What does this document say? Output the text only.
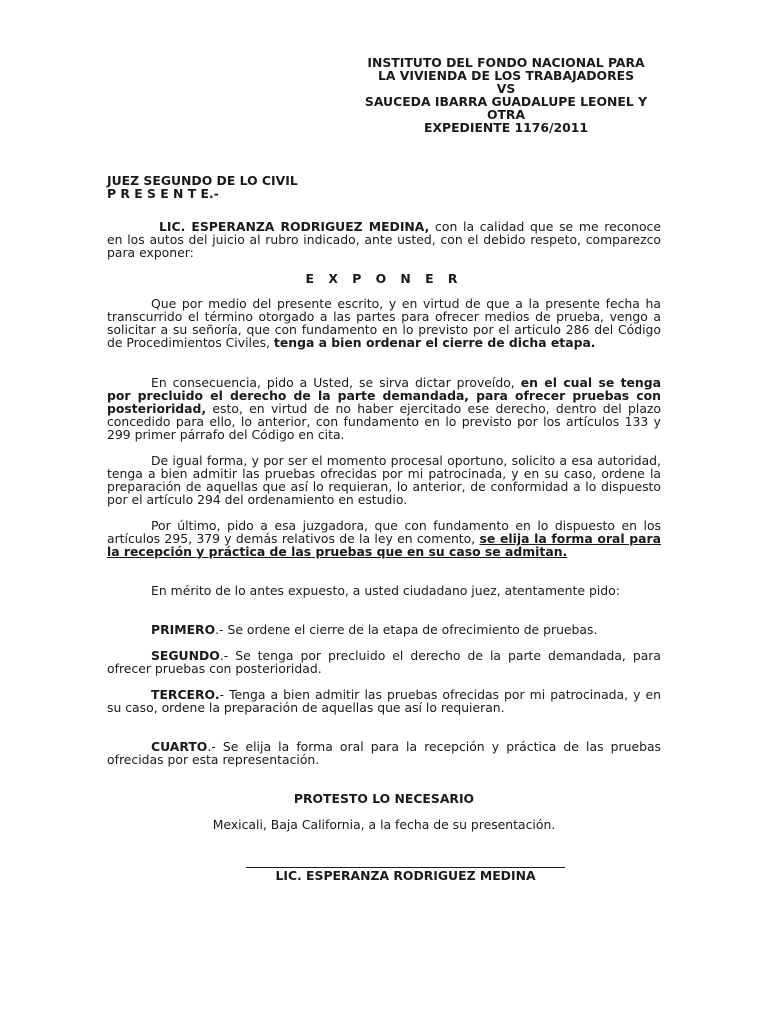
INSTITUTO DEL FONDO NACIONAL PARA
LA VIVIENDA DE LOS TRABAJADORES
VS
SAUCEDA IBARRA GUADALUPE LEONEL Y
OTRA
EXPEDIENTE 1176/2011
JUEZ SEGUNDO DE LO CIVIL
P R E S E N T E.-
LIC. ESPERANZA RODRIGUEZ MEDINA, con la calidad que se me reconoce en los autos del juicio al rubro indicado, ante usted, con el debido respeto, comparezco para exponer:
E X P O N E R
Que por medio del presente escrito, y en virtud de que a la presente fecha ha transcurrido el término otorgado a las partes para ofrecer medios de prueba, vengo a solicitar a su señoría, que con fundamento en lo previsto por el articulo 286 del Código de Procedimientos Civiles, tenga a bien ordenar el cierre de dicha etapa.
En consecuencia, pido a Usted, se sirva dictar proveído, en el cual se tenga por precluido el derecho de la parte demandada, para ofrecer pruebas con posterioridad, esto, en virtud de no haber ejercitado ese derecho, dentro del plazo concedido para ello, lo anterior, con fundamento en lo previsto por los artículos 133 y 299 primer párrafo del Código en cita.
De igual forma, y por ser el momento procesal oportuno, solicito a esa autoridad, tenga a bien admitir las pruebas ofrecidas por mi patrocinada, y en su caso, ordene la preparación de aquellas que así lo requieran, lo anterior, de conformidad a lo dispuesto por el artículo 294 del ordenamiento en estudio.
Por último, pido a esa juzgadora, que con fundamento en lo dispuesto en los artículos 295, 379 y demás relativos de la ley en comento, se elija la forma oral para la recepción y práctica de las pruebas que en su caso se admitan.
En mérito de lo antes expuesto, a usted ciudadano juez, atentamente pido:
PRIMERO.- Se ordene el cierre de la etapa de ofrecimiento de pruebas.
SEGUNDO.- Se tenga por precluido el derecho de la parte demandada, para ofrecer pruebas con posterioridad.
TERCERO.- Tenga a bien admitir las pruebas ofrecidas por mi patrocinada, y en su caso, ordene la preparación de aquellas que así lo requieran.
CUARTO.- Se elija la forma oral para la recepción y práctica de las pruebas ofrecidas por esta representación.
PROTESTO LO NECESARIO
Mexicali, Baja California, a la fecha de su presentación.
LIC. ESPERANZA RODRIGUEZ MEDINA
